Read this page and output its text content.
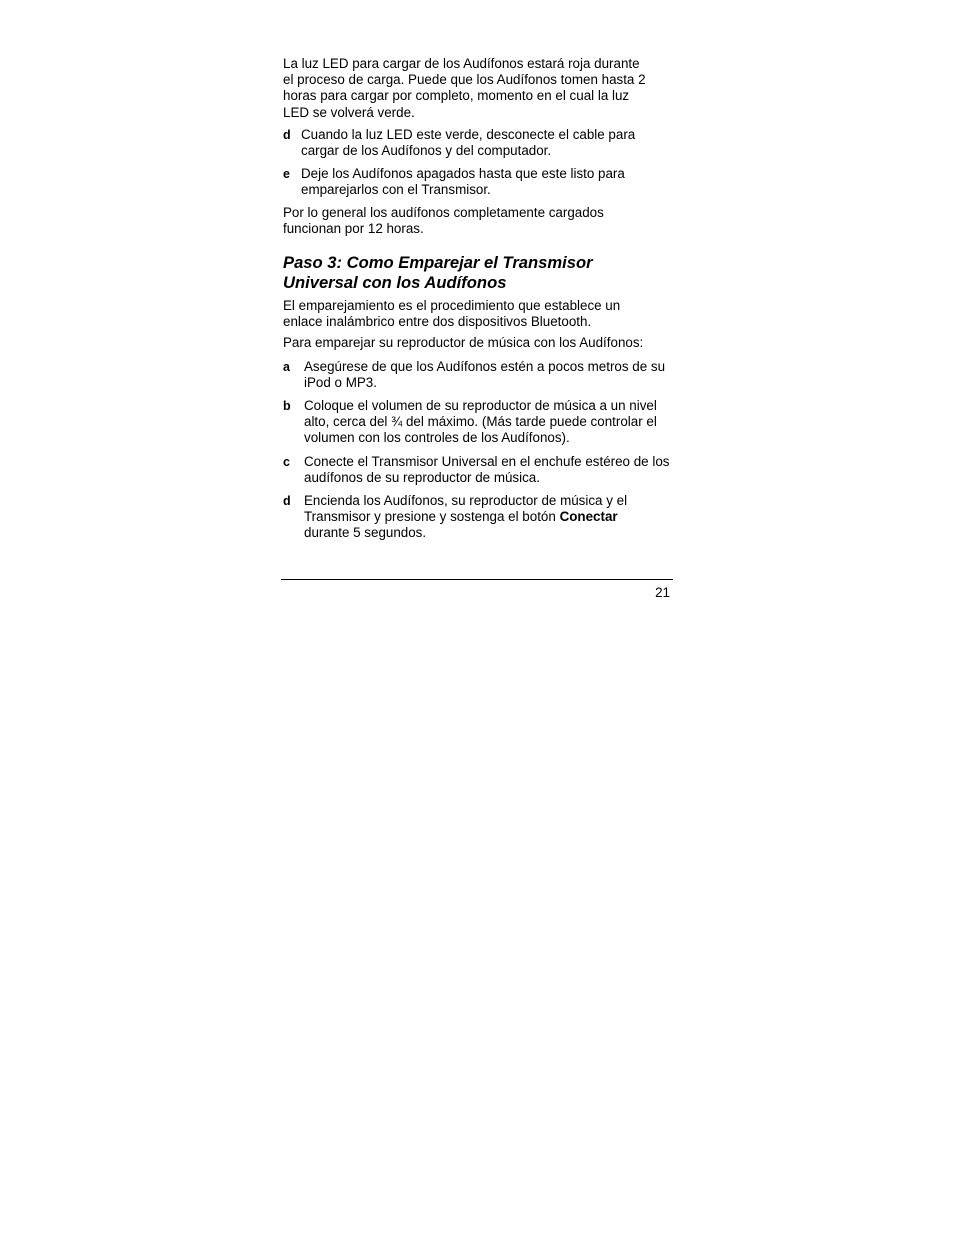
La luz LED para cargar de los Audífonos estará roja durante el proceso de carga. Puede que los Audífonos tomen hasta 2 horas para cargar por completo, momento en el cual la luz LED se volverá verde.

d Cuando la luz LED este verde, desconecte el cable para cargar de los Audífonos y del computador.
e Deje los Audífonos apagados hasta que este listo para emparejarlos con el Transmisor.

Por lo general los audífonos completamente cargados funcionan por 12 horas.

Paso 3: Como Emparejar el Transmisor
Universal con los Audífonos

El emparejamiento es el procedimiento que establece un enlace inalámbrico entre dos dispositivos Bluetooth.

Para emparejar su reproductor de música con los Audífonos:

a Asegúrese de que los Audífonos estén a pocos metros de su iPod o MP3.
b Coloque el volumen de su reproductor de música a un nivel alto, cerca del ¾ del máximo. (Más tarde puede controlar el volumen con los controles de los Audífonos).
c Conecte el Transmisor Universal en el enchufe estéreo de los audífonos de su reproductor de música.
d Encienda los Audífonos, su reproductor de música y el Transmisor y presione y sostenga el botón Conectar durante 5 segundos.
21
